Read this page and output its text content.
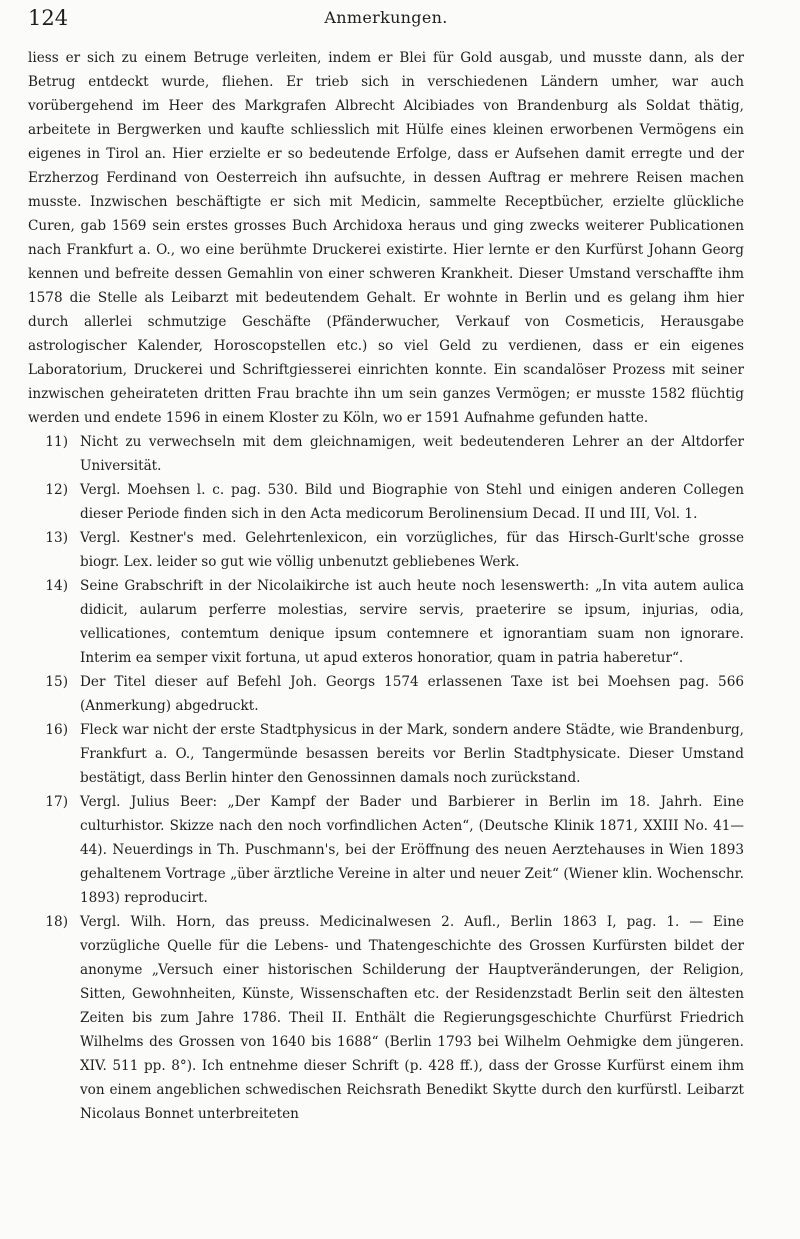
124	Anmerkungen.

liess er sich zu einem Betruge verleiten, indem er Blei für Gold ausgab, und musste dann, als der Betrug entdeckt wurde, fliehen. Er trieb sich in verschiedenen Ländern umher, war auch vorübergehend im Heer des Markgrafen Albrecht Alcibiades von Brandenburg als Soldat thätig, arbeitete in Bergwerken und kaufte schliesslich mit Hülfe eines kleinen erworbenen Vermögens ein eigenes in Tirol an. Hier erzielte er so bedeutende Erfolge, dass er Aufsehen damit erregte und der Erzherzog Ferdinand von Oesterreich ihn aufsuchte, in dessen Auftrag er mehrere Reisen machen musste. Inzwischen beschäftigte er sich mit Medicin, sammelte Receptbücher, erzielte glückliche Curen, gab 1569 sein erstes grosses Buch Archidoxa heraus und ging zwecks weiterer Publicationen nach Frankfurt a. O., wo eine berühmte Druckerei existirte. Hier lernte er den Kurfürst Johann Georg kennen und befreite dessen Gemahlin von einer schweren Krankheit. Dieser Umstand verschaffte ihm 1578 die Stelle als Leibarzt mit bedeutendem Gehalt. Er wohnte in Berlin und es gelang ihm hier durch allerlei schmutzige Geschäfte (Pfänderwucher, Verkauf von Cosmeticis, Herausgabe astrologischer Kalender, Horoscopstellen etc.) so viel Geld zu verdienen, dass er ein eigenes Laboratorium, Druckerei und Schriftgiesserei einrichten konnte. Ein scandalöser Prozess mit seiner inzwischen geheirateten dritten Frau brachte ihn um sein ganzes Vermögen; er musste 1582 flüchtig werden und endete 1596 in einem Kloster zu Köln, wo er 1591 Aufnahme gefunden hatte.

11) Nicht zu verwechseln mit dem gleichnamigen, weit bedeutenderen Lehrer an der Altdorfer Universität.

12) Vergl. Moehsen l. c. pag. 530. Bild und Biographie von Stehl und einigen anderen Collegen dieser Periode finden sich in den Acta medicorum Berolinensium Decad. II und III, Vol. 1.

13) Vergl. Kestner's med. Gelehrtenlexicon, ein vorzügliches, für das Hirsch-Gurlt'sche grosse biogr. Lex. leider so gut wie völlig unbenutzt gebliebenes Werk.

14) Seine Grabschrift in der Nicolaikirche ist auch heute noch lesenswerth: „In vita autem aulica didicit, aularum perferre molestias, servire servis, praeterire se ipsum, injurias, odia, vellicationes, contemtum denique ipsum contemnere et ignorantiam suam non ignorare. Interim ea semper vixit fortuna, ut apud exteros honoratior, quam in patria haberetur“.

15) Der Titel dieser auf Befehl Joh. Georgs 1574 erlassenen Taxe ist bei Moehsen pag. 566 (Anmerkung) abgedruckt.

16) Fleck war nicht der erste Stadtphysicus in der Mark, sondern andere Städte, wie Brandenburg, Frankfurt a. O., Tangermünde besassen bereits vor Berlin Stadtphysicate. Dieser Umstand bestätigt, dass Berlin hinter den Genossinnen damals noch zurückstand.

17) Vergl. Julius Beer: „Der Kampf der Bader und Barbierer in Berlin im 18. Jahrh. Eine culturhistor. Skizze nach den noch vorfindlichen Acten“, (Deutsche Klinik 1871, XXIII No. 41—44). Neuerdings in Th. Puschmann's, bei der Eröffnung des neuen Aerztehauses in Wien 1893 gehaltenem Vortrage „über ärztliche Vereine in alter und neuer Zeit“ (Wiener klin. Wochenschr. 1893) reproducirt.

18) Vergl. Wilh. Horn, das preuss. Medicinalwesen 2. Aufl., Berlin 1863 I, pag. 1. — Eine vorzügliche Quelle für die Lebens- und Thatengeschichte des Grossen Kurfürsten bildet der anonyme „Versuch einer historischen Schilderung der Hauptveränderungen, der Religion, Sitten, Gewohnheiten, Künste, Wissenschaften etc. der Residenzstadt Berlin seit den ältesten Zeiten bis zum Jahre 1786. Theil II. Enthält die Regierungsgeschichte Churfürst Friedrich Wilhelms des Grossen von 1640 bis 1688“ (Berlin 1793 bei Wilhelm Oehmigke dem jüngeren. XIV. 511 pp. 8°). Ich entnehme dieser Schrift (p. 428 ff.), dass der Grosse Kurfürst einem ihm von einem angeblichen schwedischen Reichsrath Benedikt Skytte durch den kurfürstl. Leibarzt Nicolaus Bonnet unterbreiteten
